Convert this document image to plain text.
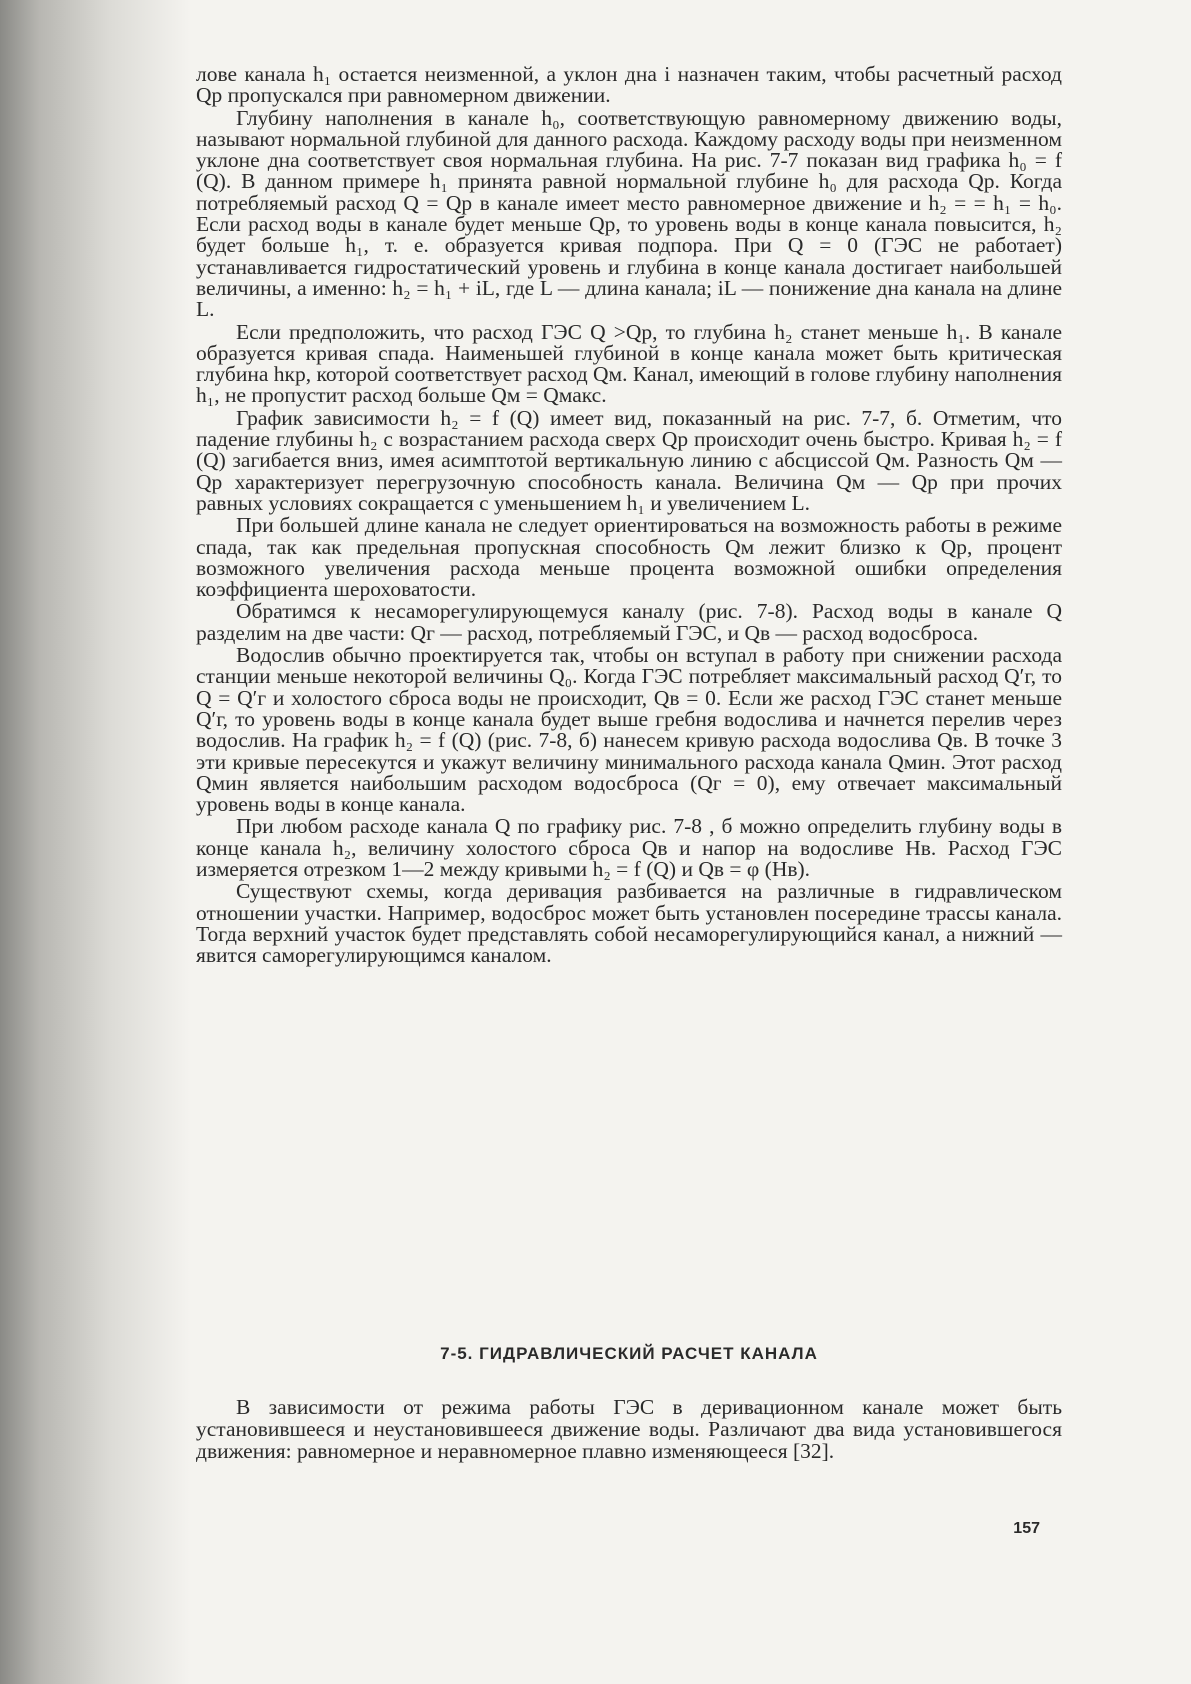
лове канала h₁ остается неизменной, а уклон дна i назначен таким, чтобы расчетный расход Qр пропускался при равномерном движении.

Глубину наполнения в канале h₀, соответствующую равномерному движению воды, называют нормальной глубиной для данного расхода. Каждому расходу воды при неизменном уклоне дна соответствует своя нормальная глубина. На рис. 7-7 показан вид графика h₀ = f (Q). В данном примере h₁ принята равной нормальной глубине h₀ для расхода Qр. Когда потребляемый расход Q = Qр в канале имеет место равномерное движение и h₂ = = h₁ = h₀. Если расход воды в канале будет меньше Qр, то уровень воды в конце канала повысится, h₂ будет больше h₁, т. е. образуется кривая подпора. При Q = 0 (ГЭС не работает) устанавливается гидростатический уровень и глубина в конце канала достигает наибольшей величины, а именно: h₂ = h₁ + iL, где L — длина канала; iL — понижение дна канала на длине L.

Если предположить, что расход ГЭС Q >Qр, то глубина h₂ станет меньше h₁. В канале образуется кривая спада. Наименьшей глубиной в конце канала может быть критическая глубина hкр, которой соответствует расход Qм. Канал, имеющий в голове глубину наполнения h₁, не пропустит расход больше Qм = Qмакс.

График зависимости h₂ = f (Q) имеет вид, показанный на рис. 7-7, б. Отметим, что падение глубины h₂ с возрастанием расхода сверх Qр происходит очень быстро. Кривая h₂ = f (Q) загибается вниз, имея асимптотой вертикальную линию с абсциссой Qм. Разность Qм — Qр характеризует перегрузочную способность канала. Величина Qм — Qр при прочих равных условиях сокращается с уменьшением h₁ и увеличением L.

При большей длине канала не следует ориентироваться на возможность работы в режиме спада, так как предельная пропускная способность Qм лежит близко к Qр, процент возможного увеличения расхода меньше процента возможной ошибки определения коэффициента шероховатости.

Обратимся к несаморегулирующемуся каналу (рис. 7-8). Расход воды в канале Q разделим на две части: Qг — расход, потребляемый ГЭС, и Qв — расход водосброса.

Водослив обычно проектируется так, чтобы он вступал в работу при снижении расхода станции меньше некоторой величины Q₀. Когда ГЭС потребляет максимальный расход Q′г, то Q = Q′г и холостого сброса воды не происходит, Qв = 0. Если же расход ГЭС станет меньше Q′г, то уровень воды в конце канала будет выше гребня водослива и начнется перелив через водослив. На график h₂ = f (Q) (рис. 7-8, б) нанесем кривую расхода водослива Qв. В точке 3 эти кривые пересекутся и укажут величину минимального расхода канала Qмин. Этот расход Qмин является наибольшим расходом водосброса (Qг = 0), ему отвечает максимальный уровень воды в конце канала.

При любом расходе канала Q по графику рис. 7-8 , б можно определить глубину воды в конце канала h₂, величину холостого сброса Qв и напор на водосливе Hв. Расход ГЭС измеряется отрезком 1—2 между кривыми h₂ = f (Q) и Qв = φ (Hв).

Существуют схемы, когда деривация разбивается на различные в гидравлическом отношении участки. Например, водосброс может быть установлен посередине трассы канала. Тогда верхний участок будет представлять собой несаморегулирующийся канал, а нижний — явится саморегулирующимся каналом.

7-5. ГИДРАВЛИЧЕСКИЙ РАСЧЕТ КАНАЛА

В зависимости от режима работы ГЭС в деривационном канале может быть установившееся и неустановившееся движение воды. Различают два вида установившегося движения: равномерное и неравномерное плавно изменяющееся [32].

157
